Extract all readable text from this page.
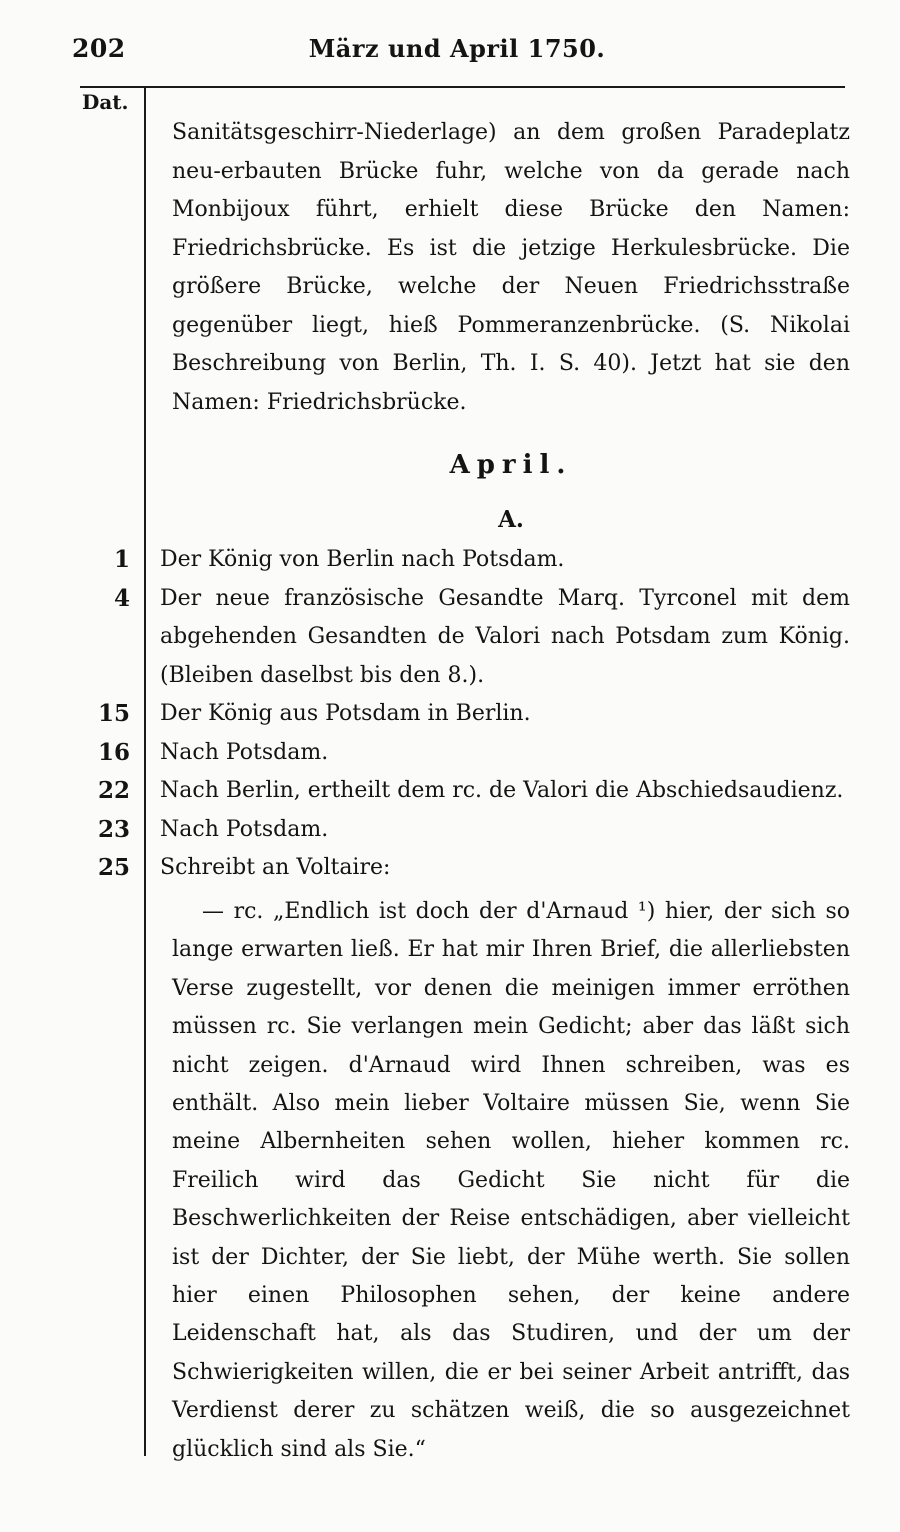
202	März und April 1750.
Dat.

Sanitätsgeschirr-Niederlage) an dem großen Paradeplatz neu-erbauten Brücke fuhr, welche von da gerade nach Monbijoux führt, erhielt diese Brücke den Namen: Friedrichsbrücke. Es ist die jetzige Herkulesbrücke. Die größere Brücke, welche der Neuen Friedrichsstraße gegenüber liegt, hieß Pommeranzenbrücke. (S. Nikolai Beschreibung von Berlin, Th. I. S. 40). Jetzt hat sie den Namen: Friedrichsbrücke.

April.
A.
1 Der König von Berlin nach Potsdam.

4 Der neue französische Gesandte Marq. Tyrconel mit dem abgehenden Gesandten de Valori nach Potsdam zum König. (Bleiben daselbst bis den 8.).

15 Der König aus Potsdam in Berlin.

16 Nach Potsdam.

22 Nach Berlin, ertheilt dem rc. de Valori die Abschiedsaudienz.

23 Nach Potsdam.

25 Schreibt an Voltaire:

— rc. „Endlich ist doch der d'Arnaud ¹) hier, der sich so lange erwarten ließ. Er hat mir Ihren Brief, die allerliebsten Verse zugestellt, vor denen die meinigen immer erröthen müssen rc. Sie verlangen mein Gedicht; aber das läßt sich nicht zeigen. d'Arnaud wird Ihnen schreiben, was es enthält. Also mein lieber Voltaire müssen Sie, wenn Sie meine Albernheiten sehen wollen, hieher kommen rc. Freilich wird das Gedicht Sie nicht für die Beschwerlichkeiten der Reise entschädigen, aber vielleicht ist der Dichter, der Sie liebt, der Mühe werth. Sie sollen hier einen Philosophen sehen, der keine andere Leidenschaft hat, als das Studiren, und der um der Schwierigkeiten willen, die er bei seiner Arbeit antrifft, das Verdienst derer zu schätzen weiß, die so ausgezeichnet glücklich sind als Sie.“
